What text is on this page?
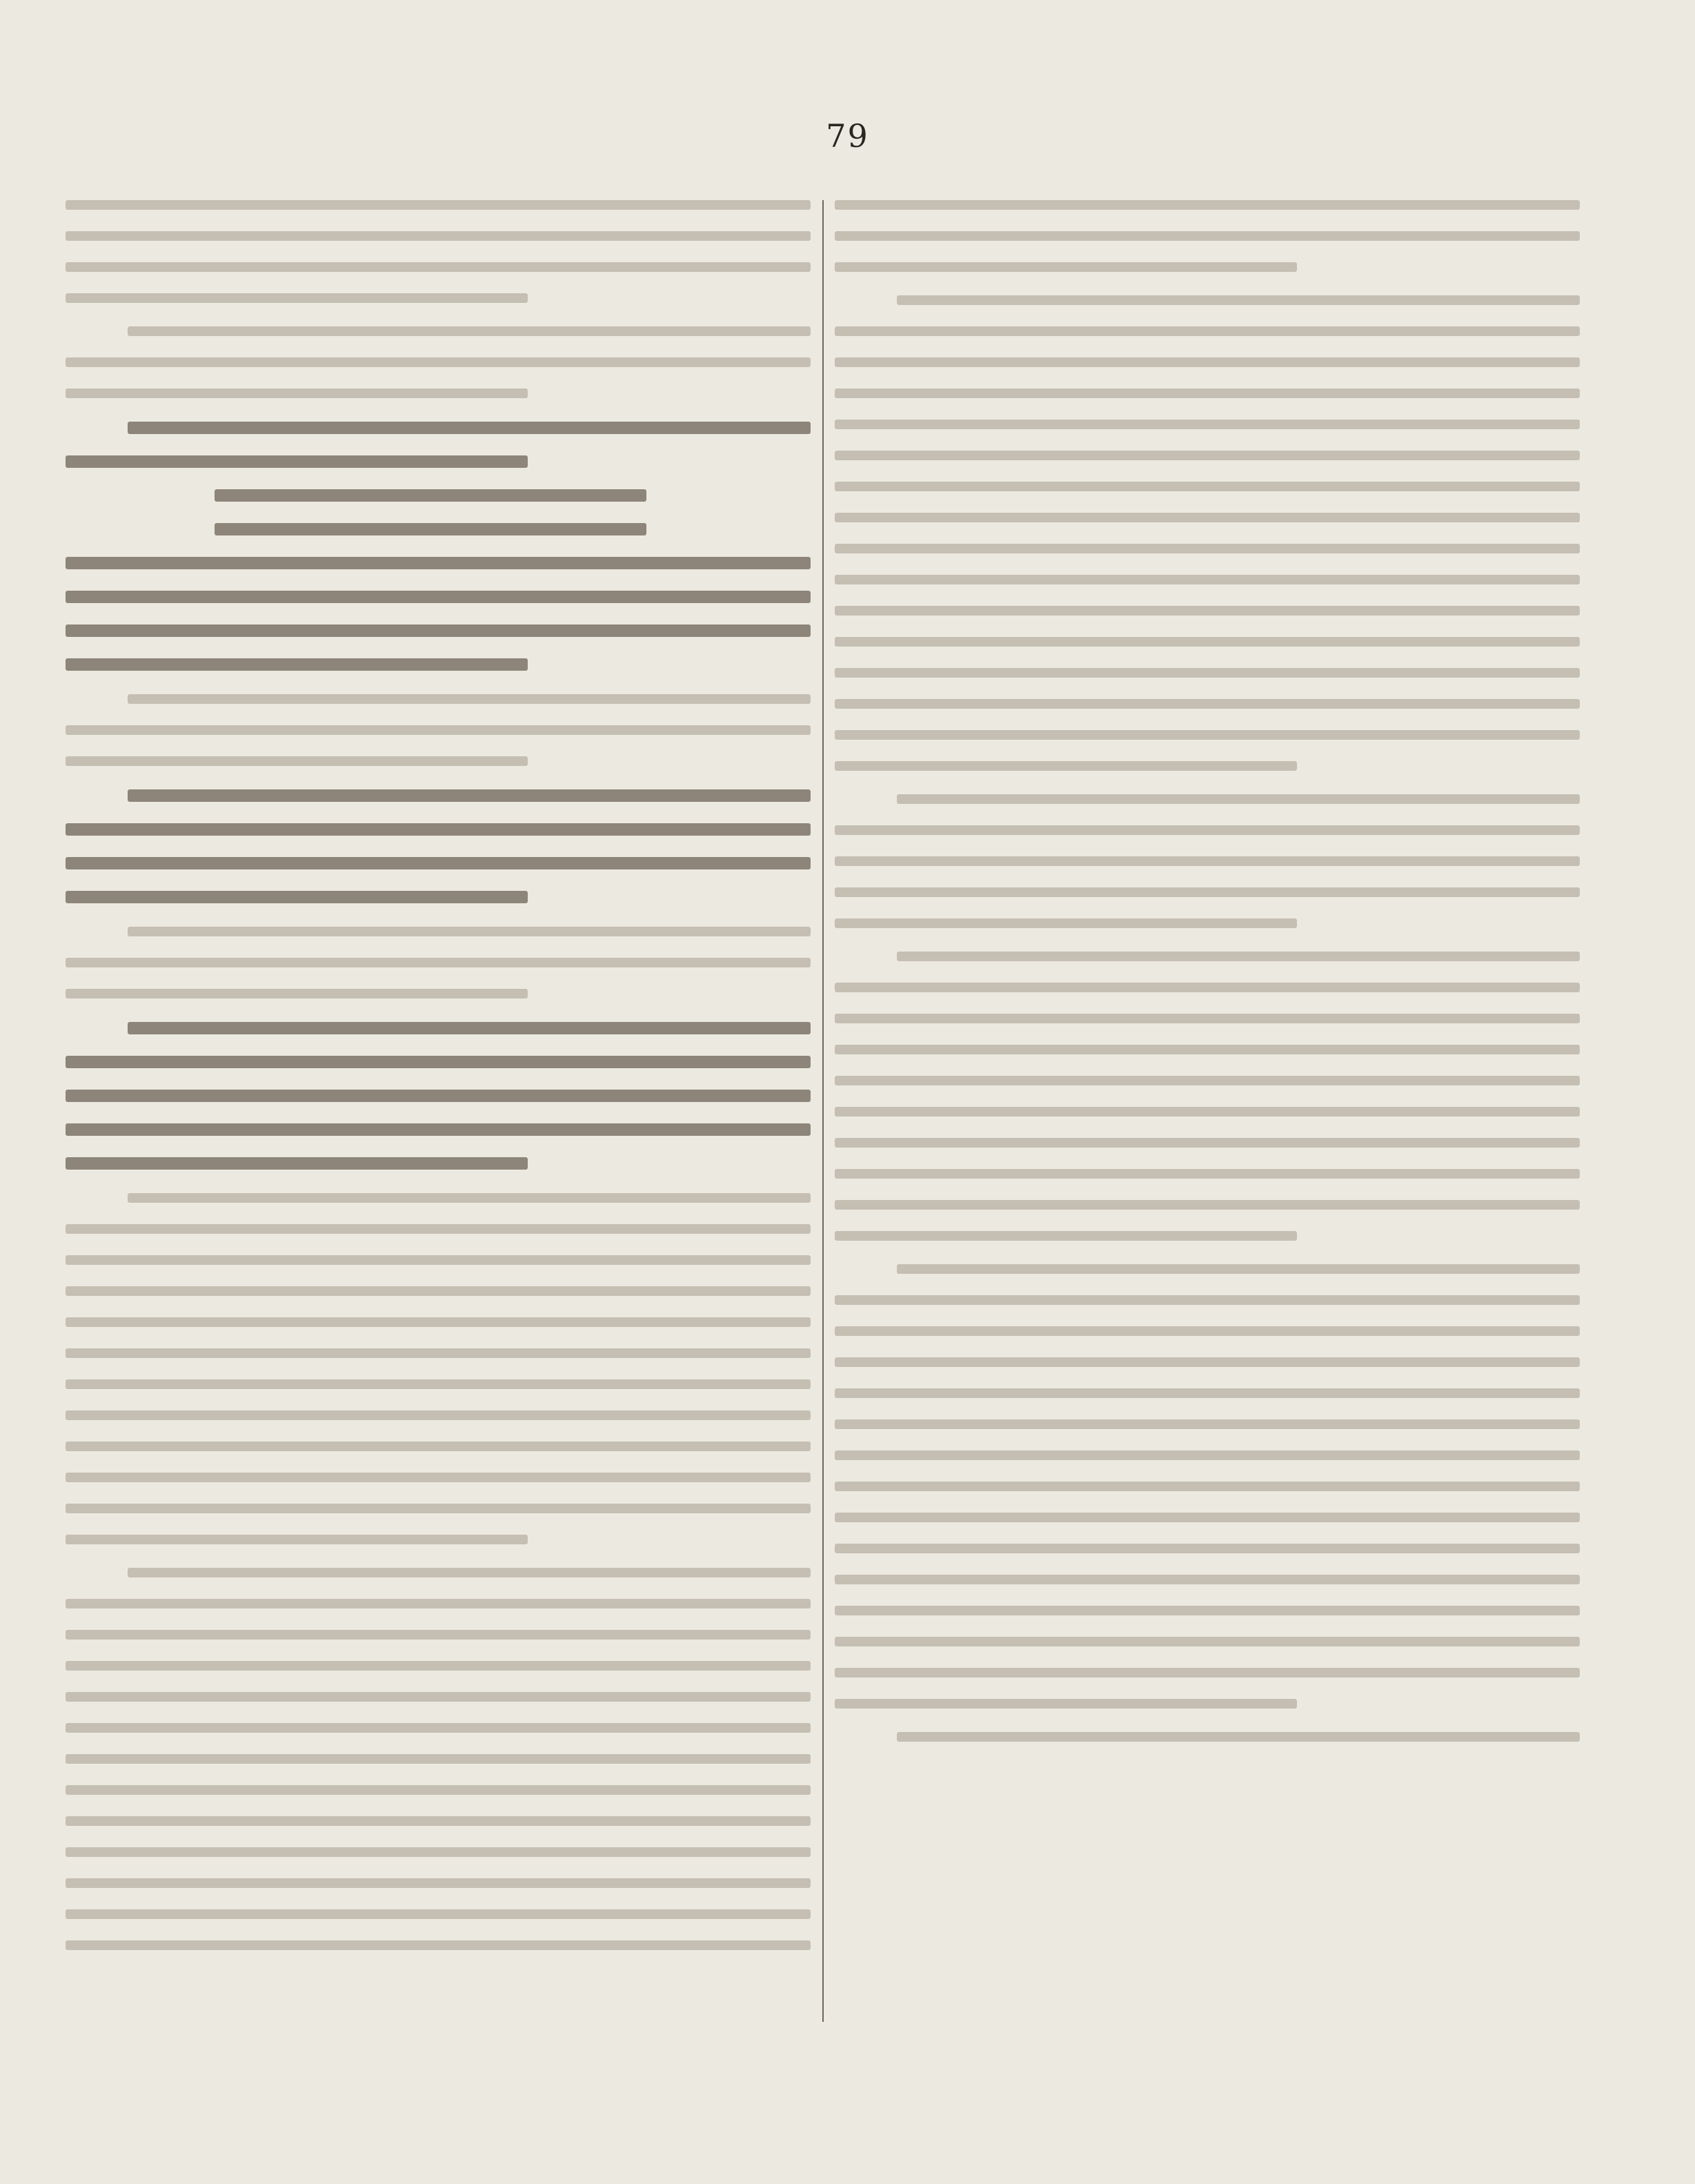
79
